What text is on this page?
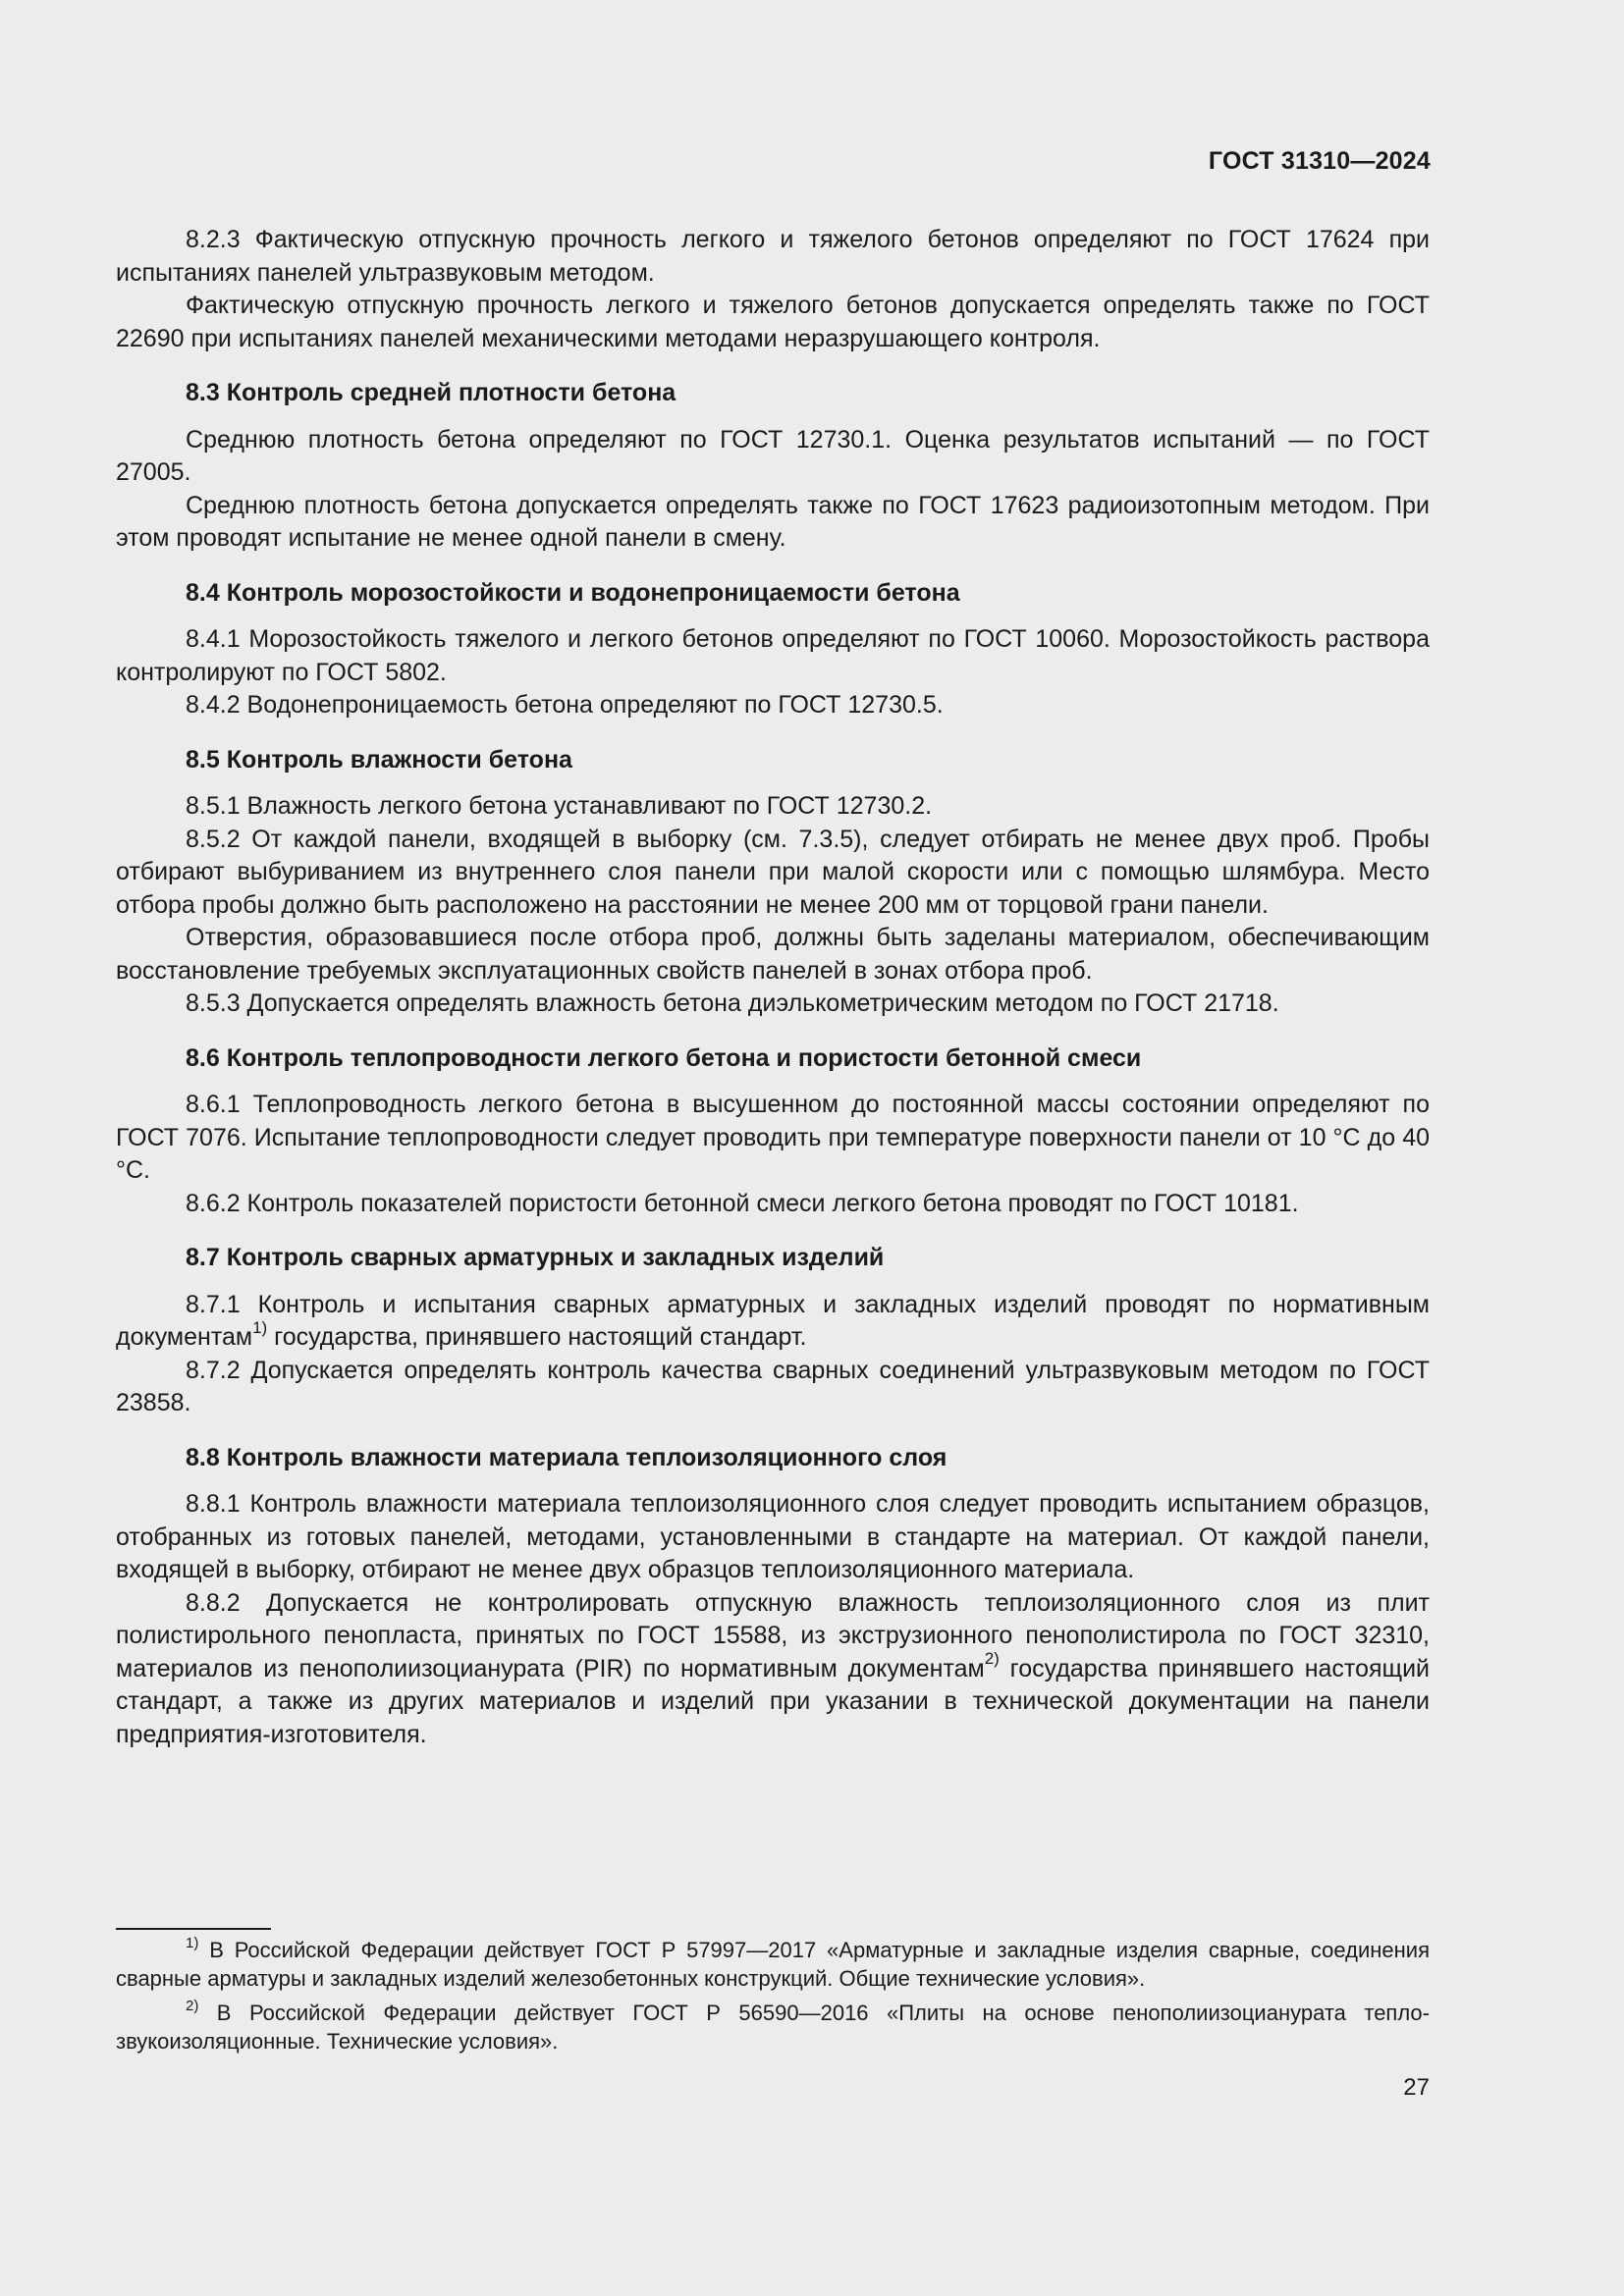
ГОСТ 31310—2024

8.2.3 Фактическую отпускную прочность легкого и тяжелого бетонов определяют по ГОСТ 17624 при испытаниях панелей ультразвуковым методом.

Фактическую отпускную прочность легкого и тяжелого бетонов допускается определять также по ГОСТ 22690 при испытаниях панелей механическими методами неразрушающего контроля.

8.3 Контроль средней плотности бетона

Среднюю плотность бетона определяют по ГОСТ 12730.1. Оценка результатов испытаний — по ГОСТ 27005.

Среднюю плотность бетона допускается определять также по ГОСТ 17623 радиоизотопным методом. При этом проводят испытание не менее одной панели в смену.

8.4 Контроль морозостойкости и водонепроницаемости бетона

8.4.1 Морозостойкость тяжелого и легкого бетонов определяют по ГОСТ 10060. Морозостойкость раствора контролируют по ГОСТ 5802.

8.4.2 Водонепроницаемость бетона определяют по ГОСТ 12730.5.

8.5 Контроль влажности бетона

8.5.1 Влажность легкого бетона устанавливают по ГОСТ 12730.2.

8.5.2 От каждой панели, входящей в выборку (см. 7.3.5), следует отбирать не менее двух проб. Пробы отбирают выбуриванием из внутреннего слоя панели при малой скорости или с помощью шлямбура. Место отбора пробы должно быть расположено на расстоянии не менее 200 мм от торцовой грани панели.

Отверстия, образовавшиеся после отбора проб, должны быть заделаны материалом, обеспечивающим восстановление требуемых эксплуатационных свойств панелей в зонах отбора проб.

8.5.3 Допускается определять влажность бетона диэлькометрическим методом по ГОСТ 21718.

8.6 Контроль теплопроводности легкого бетона и пористости бетонной смеси

8.6.1 Теплопроводность легкого бетона в высушенном до постоянной массы состоянии определяют по ГОСТ 7076. Испытание теплопроводности следует проводить при температуре поверхности панели от 10 °С до 40 °С.

8.6.2 Контроль показателей пористости бетонной смеси легкого бетона проводят по ГОСТ 10181.

8.7 Контроль сварных арматурных и закладных изделий

8.7.1 Контроль и испытания сварных арматурных и закладных изделий проводят по нормативным документам$^{1)}$ государства, принявшего настоящий стандарт.

8.7.2 Допускается определять контроль качества сварных соединений ультразвуковым методом по ГОСТ 23858.

8.8 Контроль влажности материала теплоизоляционного слоя

8.8.1 Контроль влажности материала теплоизоляционного слоя следует проводить испытанием образцов, отобранных из готовых панелей, методами, установленными в стандарте на материал. От каждой панели, входящей в выборку, отбирают не менее двух образцов теплоизоляционного материала.

8.8.2 Допускается не контролировать отпускную влажность теплоизоляционного слоя из плит полистирольного пенопласта, принятых по ГОСТ 15588, из экструзионного пенополистирола по ГОСТ 32310, материалов из пенополиизоцианурата (PIR) по нормативным документам$^{2)}$ государства принявшего настоящий стандарт, а также из других материалов и изделий при указании в технической документации на панели предприятия-изготовителя.

$^{1)}$ В Российской Федерации действует ГОСТ Р 57997—2017 «Арматурные и закладные изделия сварные, соединения сварные арматуры и закладных изделий железобетонных конструкций. Общие технические условия».

$^{2)}$ В Российской Федерации действует ГОСТ Р 56590—2016 «Плиты на основе пенополиизоцианурата тепло-звукоизоляционные. Технические условия».

27
